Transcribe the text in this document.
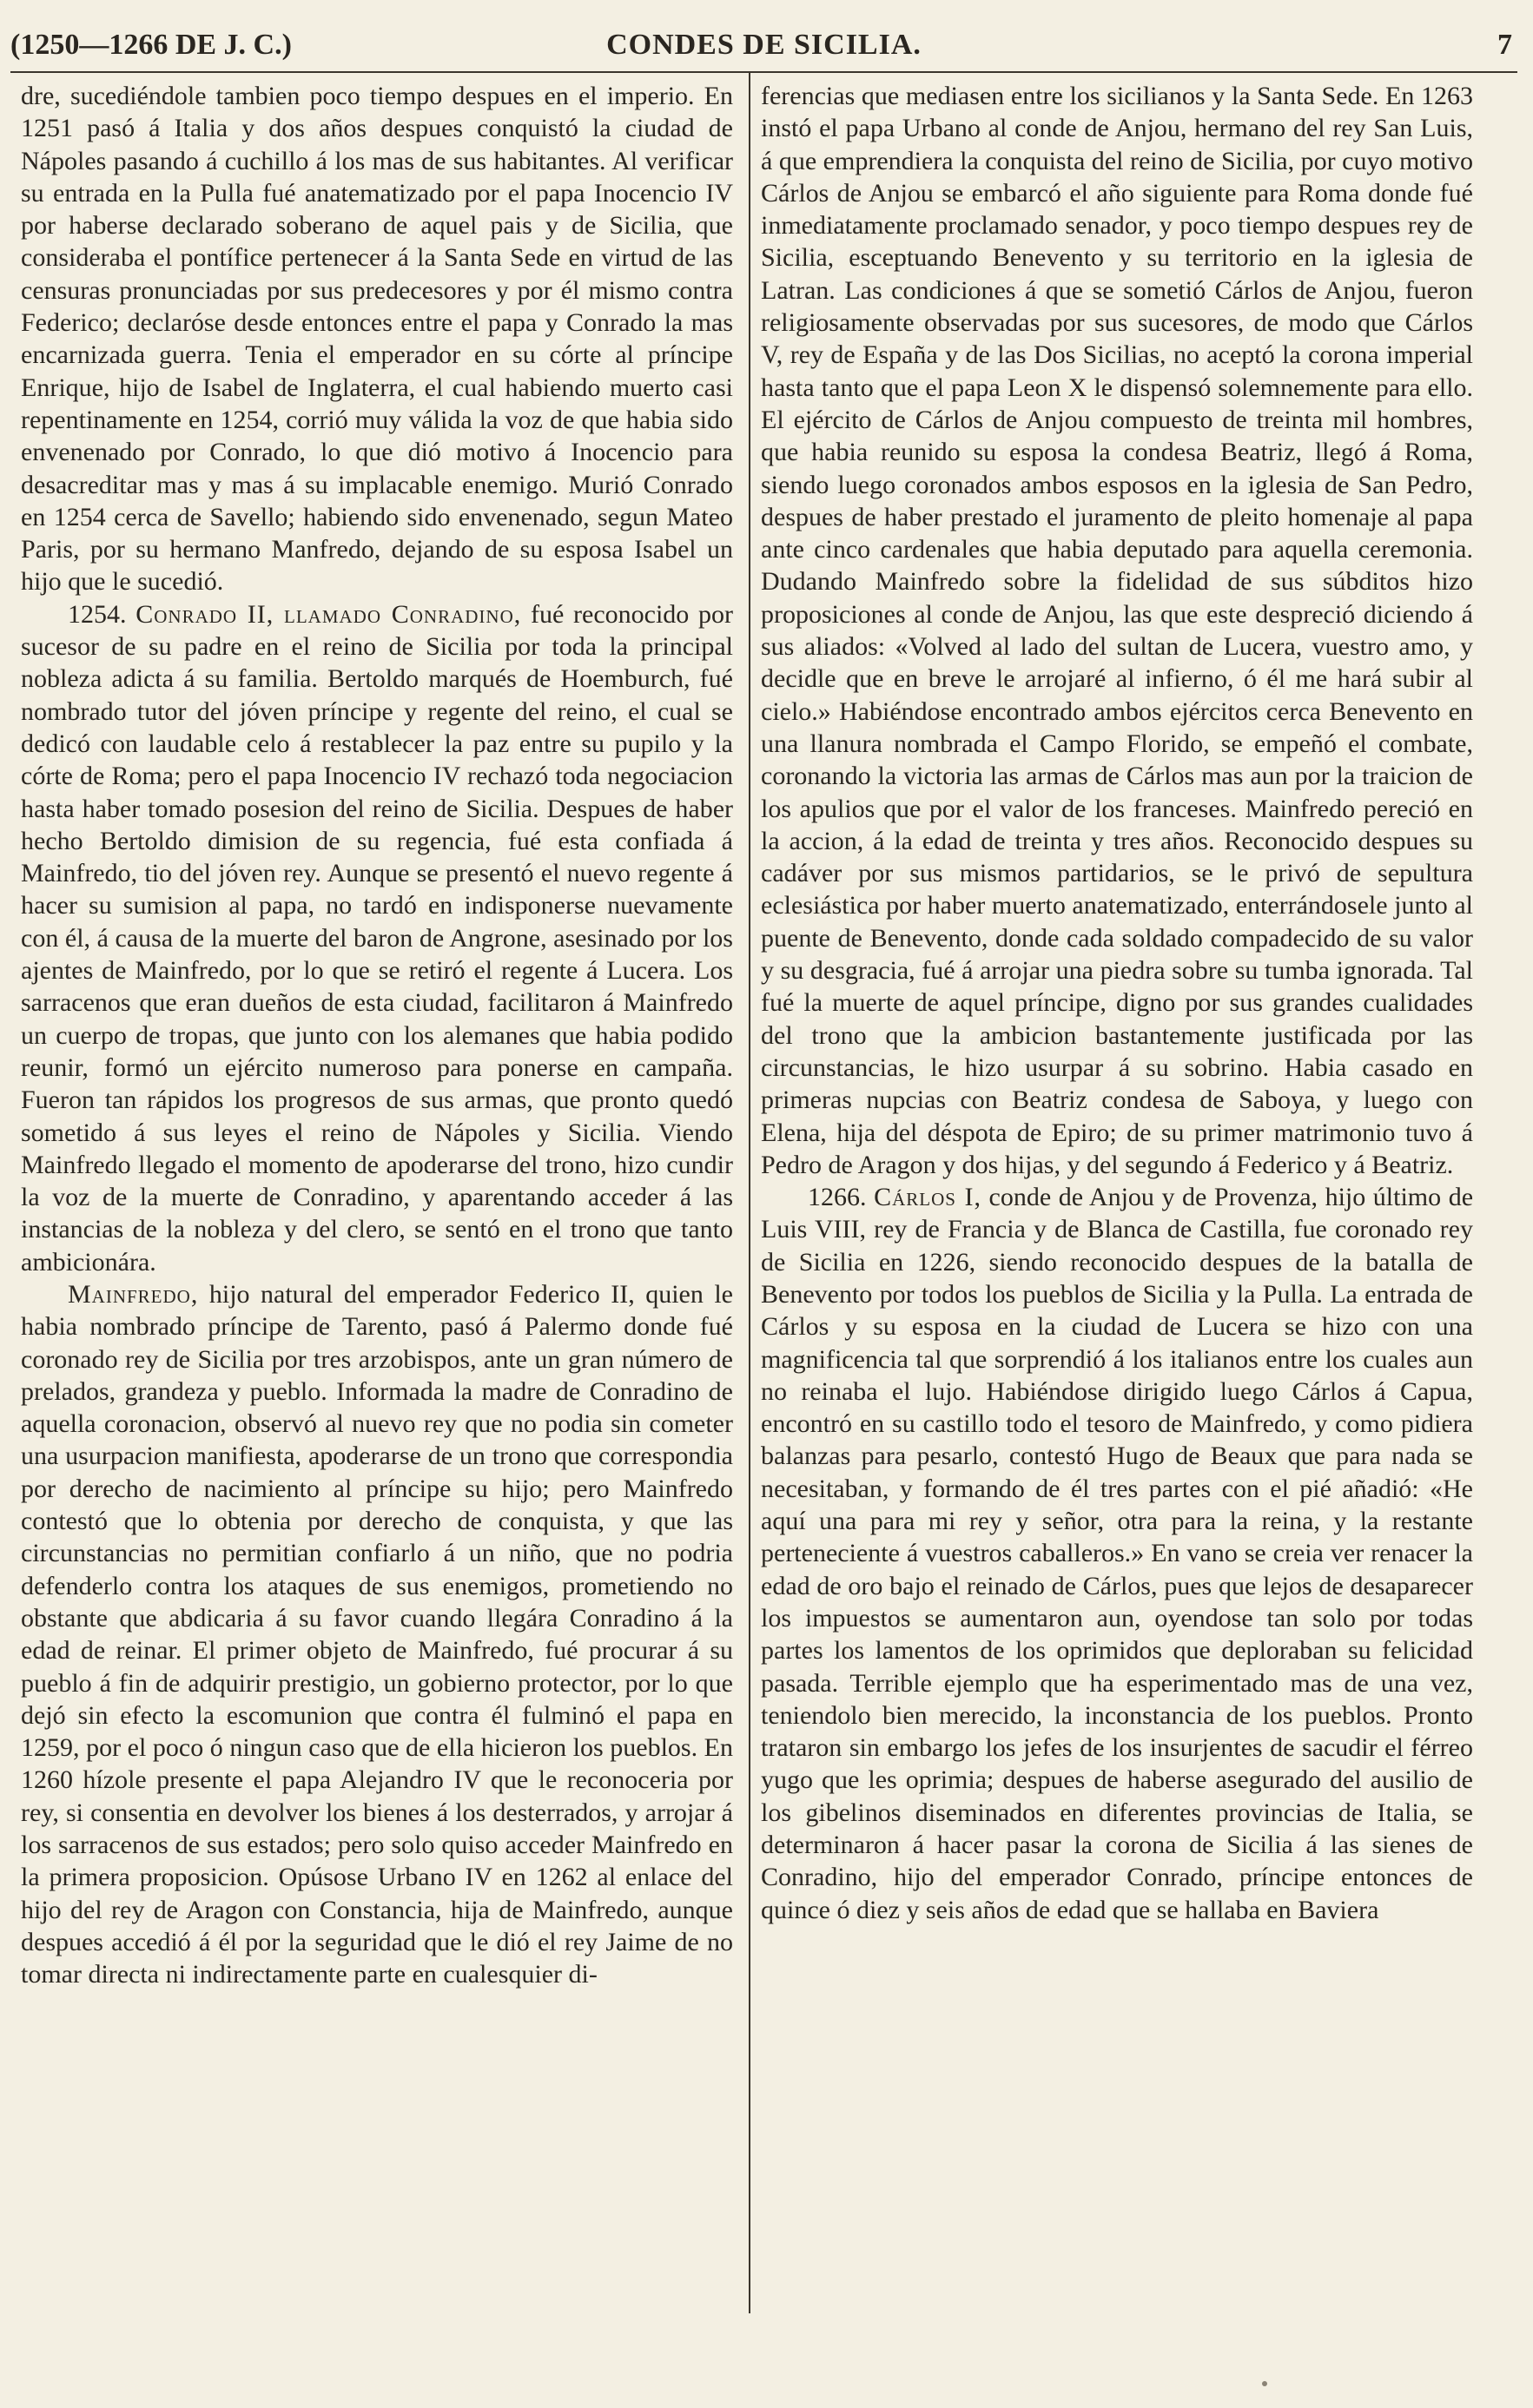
(1250—1266 DE J. C.)	CONDES DE SICILIA.	7

dre, sucediéndole tambien poco tiempo despues en el imperio. En 1251 pasó á Italia y dos años despues conquistó la ciudad de Nápoles pasando á cuchillo á los mas de sus habitantes. Al verificar su entrada en la Pulla fué anatematizado por el papa Inocencio IV por haberse declarado soberano de aquel pais y de Sicilia, que consideraba el pontífice pertenecer á la Santa Sede en virtud de las censuras pronunciadas por sus predecesores y por él mismo contra Federico; declaróse desde entonces entre el papa y Conrado la mas encarnizada guerra. Tenia el emperador en su córte al príncipe Enrique, hijo de Isabel de Inglaterra, el cual habiendo muerto casi repentinamente en 1254, corrió muy válida la voz de que habia sido envenenado por Conrado, lo que dió motivo á Inocencio para desacreditar mas y mas á su implacable enemigo. Murió Conrado en 1254 cerca de Savello; habiendo sido envenenado, segun Mateo Paris, por su hermano Manfredo, dejando de su esposa Isabel un hijo que le sucedió.

1254. Conrado II, llamado Conradino, fué reconocido por sucesor de su padre en el reino de Sicilia por toda la principal nobleza adicta á su familia. Bertoldo marqués de Hoemburch, fué nombrado tutor del jóven príncipe y regente del reino, el cual se dedicó con laudable celo á restablecer la paz entre su pupilo y la córte de Roma; pero el papa Inocencio IV rechazó toda negociacion hasta haber tomado posesion del reino de Sicilia. Despues de haber hecho Bertoldo dimision de su regencia, fué esta confiada á Mainfredo, tio del jóven rey. Aunque se presentó el nuevo regente á hacer su sumision al papa, no tardó en indisponerse nuevamente con él, á causa de la muerte del baron de Angrone, asesinado por los ajentes de Mainfredo, por lo que se retiró el regente á Lucera. Los sarracenos que eran dueños de esta ciudad, facilitaron á Mainfredo un cuerpo de tropas, que junto con los alemanes que habia podido reunir, formó un ejército numeroso para ponerse en campaña. Fueron tan rápidos los progresos de sus armas, que pronto quedó sometido á sus leyes el reino de Nápoles y Sicilia. Viendo Mainfredo llegado el momento de apoderarse del trono, hizo cundir la voz de la muerte de Conradino, y aparentando acceder á las instancias de la nobleza y del clero, se sentó en el trono que tanto ambicionára.

Mainfredo, hijo natural del emperador Federico II, quien le habia nombrado príncipe de Tarento, pasó á Palermo donde fué coronado rey de Sicilia por tres arzobispos, ante un gran número de prelados, grandeza y pueblo. Informada la madre de Conradino de aquella coronacion, observó al nuevo rey que no podia sin cometer una usurpacion manifiesta, apoderarse de un trono que correspondia por derecho de nacimiento al príncipe su hijo; pero Mainfredo contestó que lo obtenia por derecho de conquista, y que las circunstancias no permitian confiarlo á un niño, que no podria defenderlo contra los ataques de sus enemigos, prometiendo no obstante que abdicaria á su favor cuando llegára Conradino á la edad de reinar. El primer objeto de Mainfredo, fué procurar á su pueblo á fin de adquirir prestigio, un gobierno protector, por lo que dejó sin efecto la escomunion que contra él fulminó el papa en 1259, por el poco ó ningun caso que de ella hicieron los pueblos. En 1260 hízole presente el papa Alejandro IV que le reconoceria por rey, si consentia en devolver los bienes á los desterrados, y arrojar á los sarracenos de sus estados; pero solo quiso acceder Mainfredo en la primera proposicion. Opúsose Urbano IV en 1262 al enlace del hijo del rey de Aragon con Constancia, hija de Mainfredo, aunque despues accedió á él por la seguridad que le dió el rey Jaime de no tomar directa ni indirectamente parte en cualesquier di-

ferencias que mediasen entre los sicilianos y la Santa Sede. En 1263 instó el papa Urbano al conde de Anjou, hermano del rey San Luis, á que emprendiera la conquista del reino de Sicilia, por cuyo motivo Cárlos de Anjou se embarcó el año siguiente para Roma donde fué inmediatamente proclamado senador, y poco tiempo despues rey de Sicilia, esceptuando Benevento y su territorio en la iglesia de Latran. Las condiciones á que se sometió Cárlos de Anjou, fueron religiosamente observadas por sus sucesores, de modo que Cárlos V, rey de España y de las Dos Sicilias, no aceptó la corona imperial hasta tanto que el papa Leon X le dispensó solemnemente para ello. El ejército de Cárlos de Anjou compuesto de treinta mil hombres, que habia reunido su esposa la condesa Beatriz, llegó á Roma, siendo luego coronados ambos esposos en la iglesia de San Pedro, despues de haber prestado el juramento de pleito homenaje al papa ante cinco cardenales que habia deputado para aquella ceremonia. Dudando Mainfredo sobre la fidelidad de sus súbditos hizo proposiciones al conde de Anjou, las que este despreció diciendo á sus aliados: «Volved al lado del sultan de Lucera, vuestro amo, y decidle que en breve le arrojaré al infierno, ó él me hará subir al cielo.» Habiéndose encontrado ambos ejércitos cerca Benevento en una llanura nombrada el Campo Florido, se empeñó el combate, coronando la victoria las armas de Cárlos mas aun por la traicion de los apulios que por el valor de los franceses. Mainfredo pereció en la accion, á la edad de treinta y tres años. Reconocido despues su cadáver por sus mismos partidarios, se le privó de sepultura eclesiástica por haber muerto anatematizado, enterrándosele junto al puente de Benevento, donde cada soldado compadecido de su valor y su desgracia, fué á arrojar una piedra sobre su tumba ignorada. Tal fué la muerte de aquel príncipe, digno por sus grandes cualidades del trono que la ambicion bastantemente justificada por las circunstancias, le hizo usurpar á su sobrino. Habia casado en primeras nupcias con Beatriz condesa de Saboya, y luego con Elena, hija del déspota de Epiro; de su primer matrimonio tuvo á Pedro de Aragon y dos hijas, y del segundo á Federico y á Beatriz.

1266. Cárlos I, conde de Anjou y de Provenza, hijo último de Luis VIII, rey de Francia y de Blanca de Castilla, fue coronado rey de Sicilia en 1226, siendo reconocido despues de la batalla de Benevento por todos los pueblos de Sicilia y la Pulla. La entrada de Cárlos y su esposa en la ciudad de Lucera se hizo con una magnificencia tal que sorprendió á los italianos entre los cuales aun no reinaba el lujo. Habiéndose dirigido luego Cárlos á Capua, encontró en su castillo todo el tesoro de Mainfredo, y como pidiera balanzas para pesarlo, contestó Hugo de Beaux que para nada se necesitaban, y formando de él tres partes con el pié añadió: «He aquí una para mi rey y señor, otra para la reina, y la restante perteneciente á vuestros caballeros.» En vano se creia ver renacer la edad de oro bajo el reinado de Cárlos, pues que lejos de desaparecer los impuestos se aumentaron aun, oyendose tan solo por todas partes los lamentos de los oprimidos que deploraban su felicidad pasada. Terrible ejemplo que ha esperimentado mas de una vez, teniendolo bien merecido, la inconstancia de los pueblos. Pronto trataron sin embargo los jefes de los insurjentes de sacudir el férreo yugo que les oprimia; despues de haberse asegurado del ausilio de los gibelinos diseminados en diferentes provincias de Italia, se determinaron á hacer pasar la corona de Sicilia á las sienes de Conradino, hijo del emperador Conrado, príncipe entonces de quince ó diez y seis años de edad que se hallaba en Baviera
